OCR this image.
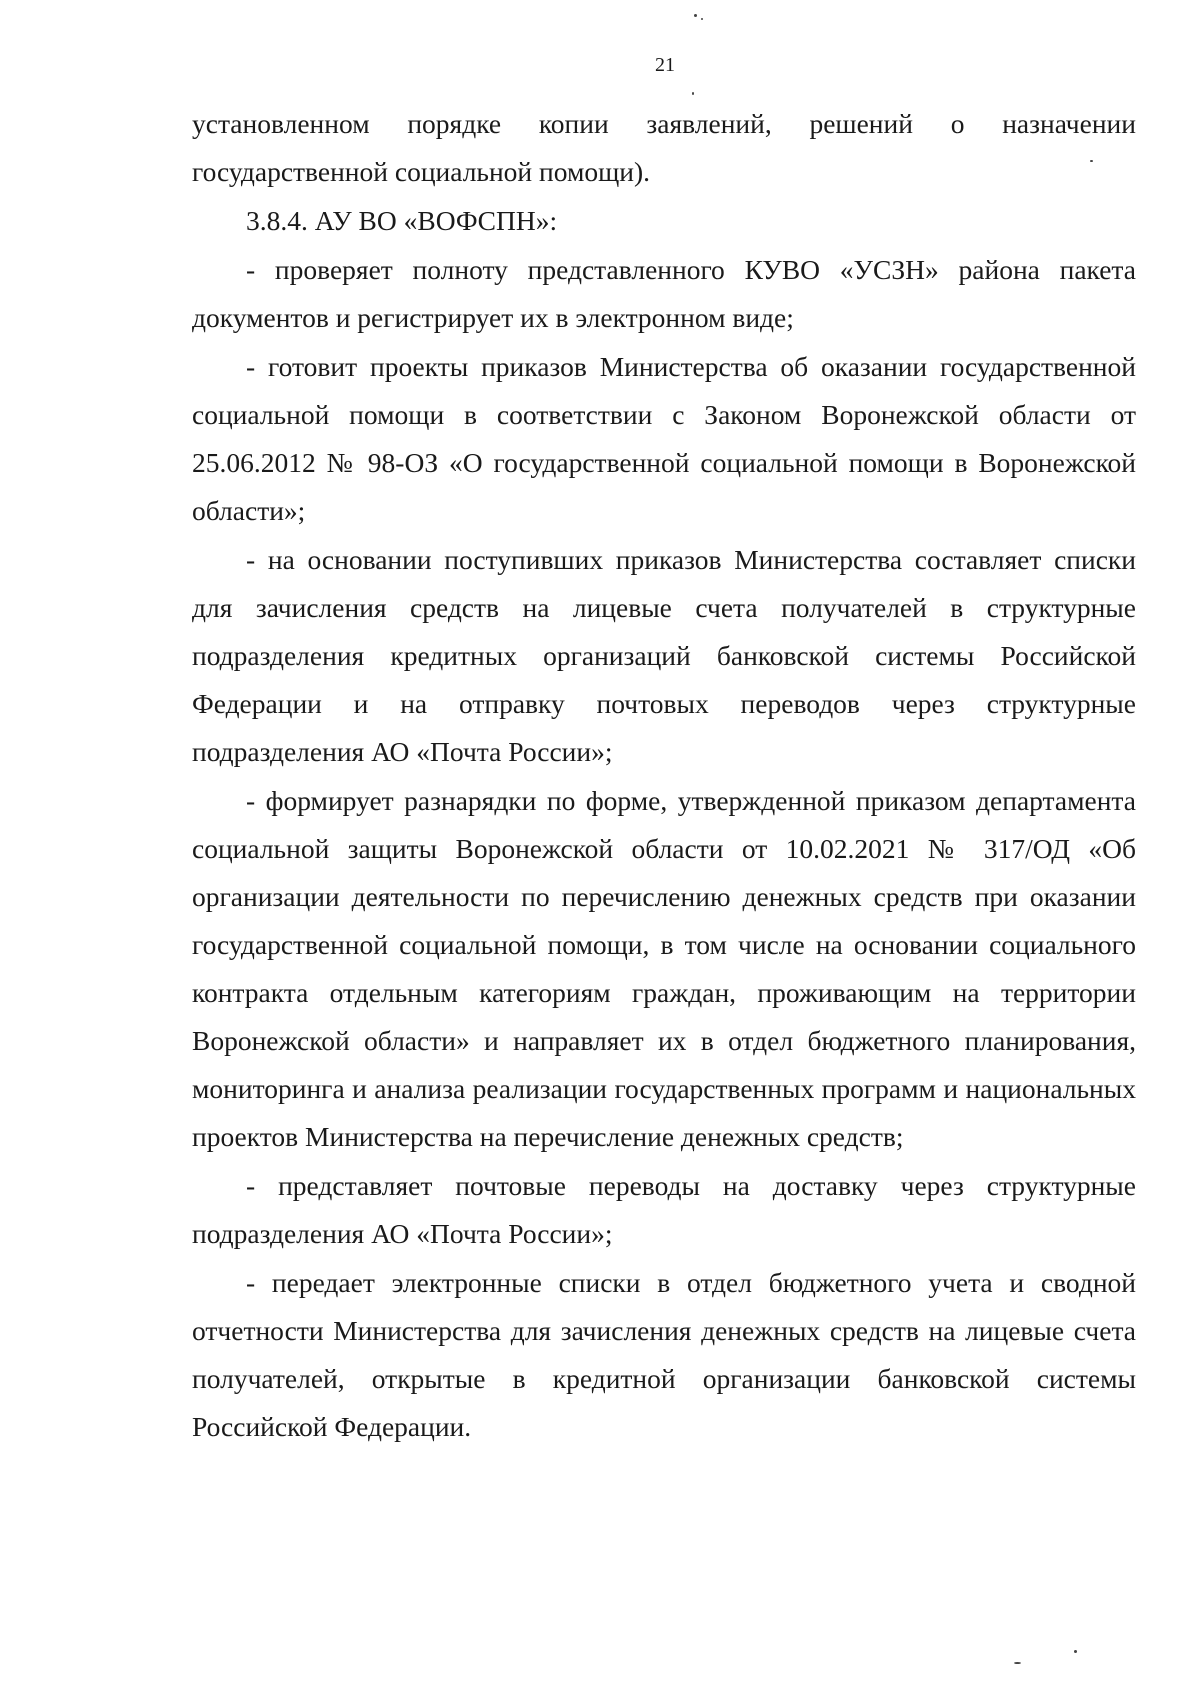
21

установленном порядке копии заявлений, решений о назначении государственной социальной помощи).

3.8.4. АУ ВО «ВОФСПН»:

- проверяет полноту представленного КУВО «УСЗН» района пакета документов и регистрирует их в электронном виде;

- готовит проекты приказов Министерства об оказании государственной социальной помощи в соответствии с Законом Воронежской области от 25.06.2012 № 98-ОЗ «О государственной социальной помощи в Воронежской области»;

- на основании поступивших приказов Министерства составляет списки для зачисления средств на лицевые счета получателей в структурные подразделения кредитных организаций банковской системы Российской Федерации и на отправку почтовых переводов через структурные подразделения АО «Почта России»;

- формирует разнарядки по форме, утвержденной приказом департамента социальной защиты Воронежской области от 10.02.2021 № 317/ОД «Об организации деятельности по перечислению денежных средств при оказании государственной социальной помощи, в том числе на основании социального контракта отдельным категориям граждан, проживающим на территории Воронежской области» и направляет их в отдел бюджетного планирования, мониторинга и анализа реализации государственных программ и национальных проектов Министерства на перечисление денежных средств;

- представляет почтовые переводы на доставку через структурные подразделения АО «Почта России»;

- передает электронные списки в отдел бюджетного учета и сводной отчетности Министерства для зачисления денежных средств на лицевые счета получателей, открытые в кредитной организации банковской системы Российской Федерации.
